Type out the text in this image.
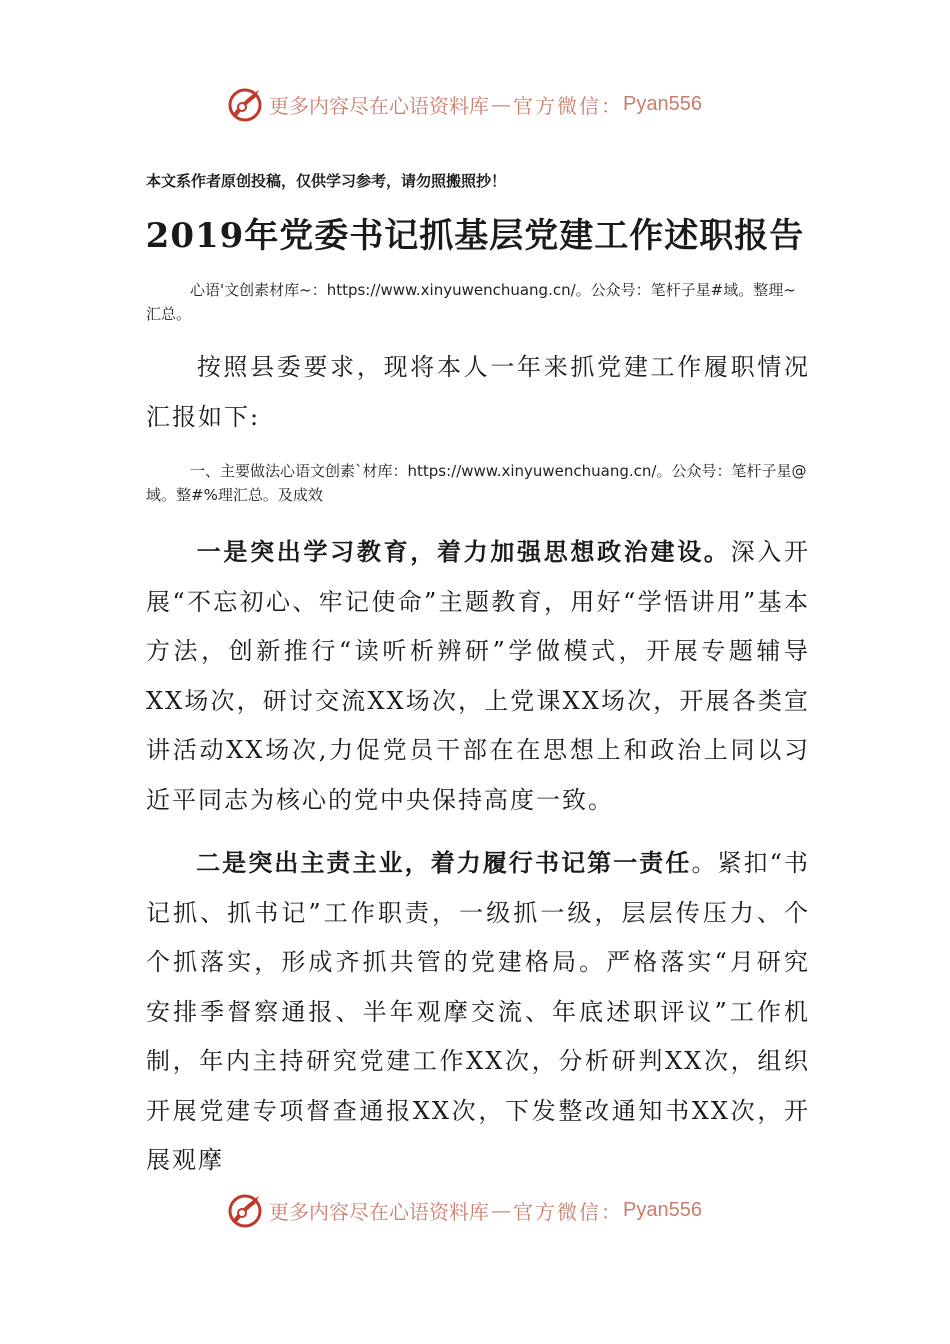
更多内容尽在心语资料库 — 官方微信： Pyan556
本文系作者原创投稿，仅供学习参考，请勿照搬照抄！
2019年党委书记抓基层党建工作述职报告
心语'文创素材库~：https://www.xinyuwenchuang.cn/。公众号：笔杆子星#域。整理~汇总。
按照县委要求，现将本人一年来抓党建工作履职情况汇报如下:
一、主要做法心语文创素`材库：https://www.xinyuwenchuang.cn/。公众号：笔杆子星@域。整#%理汇总。及成效
一是突出学习教育，着力加强思想政治建设。深入开展“不忘初心、牢记使命”主题教育，用好“学悟讲用”基本方法，创新推行“读听析辨研”学做模式，开展专题辅导XX场次，研讨交流XX场次，上党课XX场次，开展各类宣讲活动XX场次,力促党员干部在在思想上和政治上同以习近平同志为核心的党中央保持高度一致。
二是突出主责主业，着力履行书记第一责任。紧扣“书记抓、抓书记”工作职责，一级抓一级，层层传压力、个个抓落实，形成齐抓共管的党建格局。严格落实“月研究安排季督察通报、半年观摩交流、年底述职评议”工作机制，年内主持研究党建工作XX次，分析研判XX次，组织开展党建专项督查通报XX次，下发整改通知书XX次，开展观摩
更多内容尽在心语资料库 — 官方微信： Pyan556
